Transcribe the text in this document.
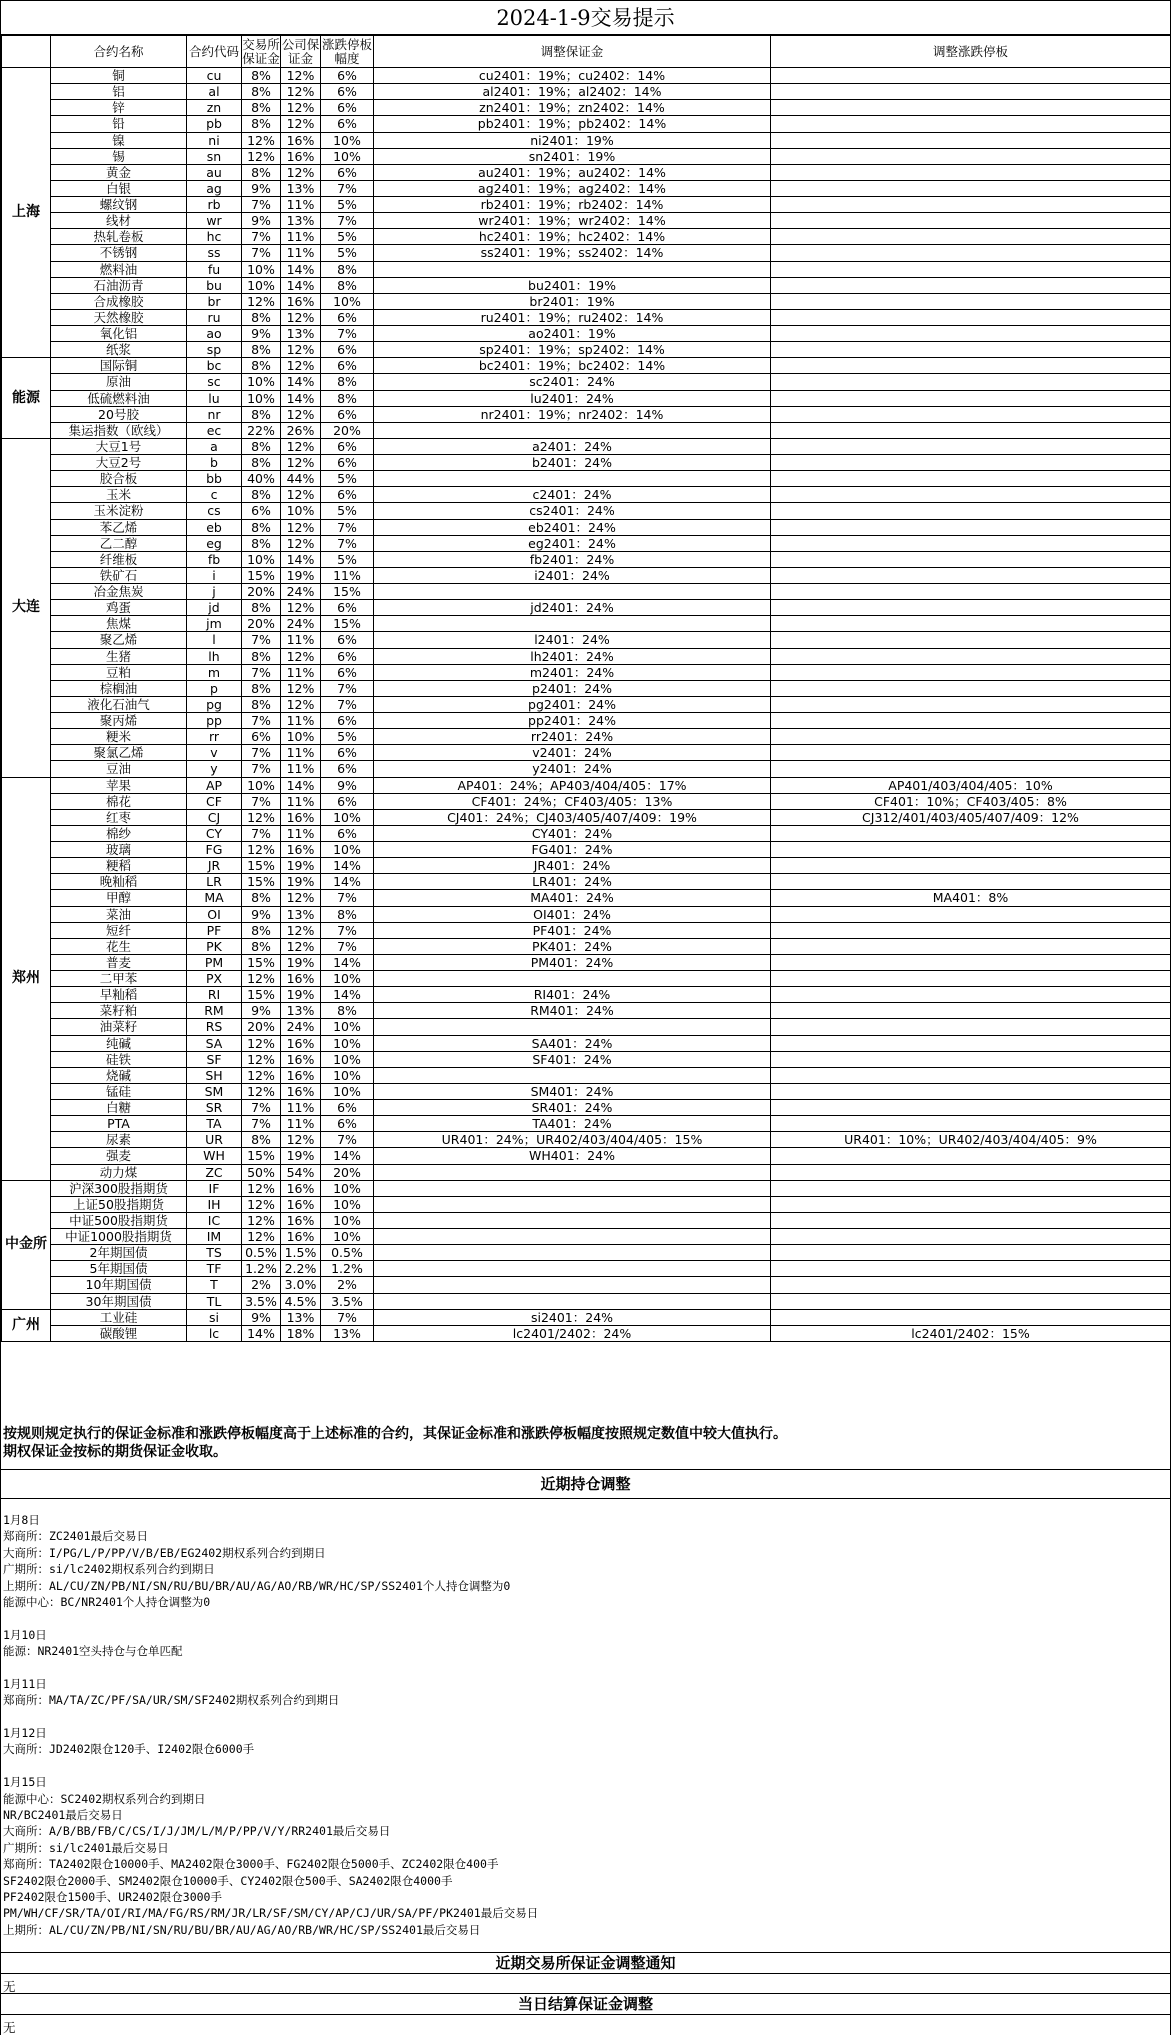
2024-1-9交易提示
	合约名称	合约代码	交易所保证金	公司保证金	涨跌停板幅度	调整保证金	调整涨跌停板
上海	铜	cu	8%	12%	6%	cu2401：19%；cu2402：14%	
	铝	al	8%	12%	6%	al2401：19%；al2402：14%	
	锌	zn	8%	12%	6%	zn2401：19%；zn2402：14%	
	铅	pb	8%	12%	6%	pb2401：19%；pb2402：14%	
	镍	ni	12%	16%	10%	ni2401：19%	
	锡	sn	12%	16%	10%	sn2401：19%	
	黄金	au	8%	12%	6%	au2401：19%；au2402：14%	
	白银	ag	9%	13%	7%	ag2401：19%；ag2402：14%	
	螺纹钢	rb	7%	11%	5%	rb2401：19%；rb2402：14%	
	线材	wr	9%	13%	7%	wr2401：19%；wr2402：14%	
	热轧卷板	hc	7%	11%	5%	hc2401：19%；hc2402：14%	
	不锈钢	ss	7%	11%	5%	ss2401：19%；ss2402：14%	
	燃料油	fu	10%	14%	8%		
	石油沥青	bu	10%	14%	8%	bu2401：19%	
	合成橡胶	br	12%	16%	10%	br2401：19%	
	天然橡胶	ru	8%	12%	6%	ru2401：19%；ru2402：14%	
	氧化铝	ao	9%	13%	7%	ao2401：19%	
	纸浆	sp	8%	12%	6%	sp2401：19%；sp2402：14%	
能源	国际铜	bc	8%	12%	6%	bc2401：19%；bc2402：14%	
	原油	sc	10%	14%	8%	sc2401：24%	
	低硫燃料油	lu	10%	14%	8%	lu2401：24%	
	20号胶	nr	8%	12%	6%	nr2401：19%；nr2402：14%	
	集运指数（欧线）	ec	22%	26%	20%		
大连	大豆1号	a	8%	12%	6%	a2401：24%	
	大豆2号	b	8%	12%	6%	b2401：24%	
	胶合板	bb	40%	44%	5%		
	玉米	c	8%	12%	6%	c2401：24%	
	玉米淀粉	cs	6%	10%	5%	cs2401：24%	
	苯乙烯	eb	8%	12%	7%	eb2401：24%	
	乙二醇	eg	8%	12%	7%	eg2401：24%	
	纤维板	fb	10%	14%	5%	fb2401：24%	
	铁矿石	i	15%	19%	11%	i2401：24%	
	冶金焦炭	j	20%	24%	15%		
	鸡蛋	jd	8%	12%	6%	jd2401：24%	
	焦煤	jm	20%	24%	15%		
	聚乙烯	l	7%	11%	6%	l2401：24%	
	生猪	lh	8%	12%	6%	lh2401：24%	
	豆粕	m	7%	11%	6%	m2401：24%	
	棕榈油	p	8%	12%	7%	p2401：24%	
	液化石油气	pg	8%	12%	7%	pg2401：24%	
	聚丙烯	pp	7%	11%	6%	pp2401：24%	
	粳米	rr	6%	10%	5%	rr2401：24%	
	聚氯乙烯	v	7%	11%	6%	v2401：24%	
	豆油	y	7%	11%	6%	y2401：24%	
郑州	苹果	AP	10%	14%	9%	AP401：24%；AP403/404/405：17%	AP401/403/404/405：10%
	棉花	CF	7%	11%	6%	CF401：24%；CF403/405：13%	CF401：10%；CF403/405：8%
	红枣	CJ	12%	16%	10%	CJ401：24%；CJ403/405/407/409：19%	CJ312/401/403/405/407/409：12%
	棉纱	CY	7%	11%	6%	CY401：24%	
	玻璃	FG	12%	16%	10%	FG401：24%	
	粳稻	JR	15%	19%	14%	JR401：24%	
	晚籼稻	LR	15%	19%	14%	LR401：24%	
	甲醇	MA	8%	12%	7%	MA401：24%	MA401：8%
	菜油	OI	9%	13%	8%	OI401：24%	
	短纤	PF	8%	12%	7%	PF401：24%	
	花生	PK	8%	12%	7%	PK401：24%	
	普麦	PM	15%	19%	14%	PM401：24%	
	二甲苯	PX	12%	16%	10%		
	早籼稻	RI	15%	19%	14%	RI401：24%	
	菜籽粕	RM	9%	13%	8%	RM401：24%	
	油菜籽	RS	20%	24%	10%		
	纯碱	SA	12%	16%	10%	SA401：24%	
	硅铁	SF	12%	16%	10%	SF401：24%	
	烧碱	SH	12%	16%	10%		
	锰硅	SM	12%	16%	10%	SM401：24%	
	白糖	SR	7%	11%	6%	SR401：24%	
	PTA	TA	7%	11%	6%	TA401：24%	
	尿素	UR	8%	12%	7%	UR401：24%；UR402/403/404/405：15%	UR401：10%；UR402/403/404/405：9%
	强麦	WH	15%	19%	14%	WH401：24%	
	动力煤	ZC	50%	54%	20%		
中金所	沪深300股指期货	IF	12%	16%	10%		
	上证50股指期货	IH	12%	16%	10%		
	中证500股指期货	IC	12%	16%	10%		
	中证1000股指期货	IM	12%	16%	10%		
	2年期国债	TS	0.5%	1.5%	0.5%		
	5年期国债	TF	1.2%	2.2%	1.2%		
	10年期国债	T	2%	3.0%	2%		
	30年期国债	TL	3.5%	4.5%	3.5%		
广州	工业硅	si	9%	13%	7%	si2401：24%	
	碳酸锂	lc	14%	18%	13%	lc2401/2402：24%	lc2401/2402：15%
按规则规定执行的保证金标准和涨跌停板幅度高于上述标准的合约，其保证金标准和涨跌停板幅度按照规定数值中较大值执行。
期权保证金按标的期货保证金收取。
近期持仓调整
1月8日
郑商所：ZC2401最后交易日
大商所：I/PG/L/P/PP/V/B/EB/EG2402期权系列合约到期日
广期所：si/lc2402期权系列合约到期日
上期所：AL/CU/ZN/PB/NI/SN/RU/BU/BR/AU/AG/AO/RB/WR/HC/SP/SS2401个人持仓调整为0
能源中心：BC/NR2401个人持仓调整为0
1月10日
能源：NR2401空头持仓与仓单匹配
1月11日
郑商所：MA/TA/ZC/PF/SA/UR/SM/SF2402期权系列合约到期日
1月12日
大商所：JD2402限仓120手、I2402限仓6000手
1月15日
能源中心：SC2402期权系列合约到期日
NR/BC2401最后交易日
大商所：A/B/BB/FB/C/CS/I/J/JM/L/M/P/PP/V/Y/RR2401最后交易日
广期所：si/lc2401最后交易日
郑商所：TA2402限仓10000手、MA2402限仓3000手、FG2402限仓5000手、ZC2402限仓400手
SF2402限仓2000手、SM2402限仓10000手、CY2402限仓500手、SA2402限仓4000手
PF2402限仓1500手、UR2402限仓3000手
PM/WH/CF/SR/TA/OI/RI/MA/FG/RS/RM/JR/LR/SF/SM/CY/AP/CJ/UR/SA/PF/PK2401最后交易日
上期所：AL/CU/ZN/PB/NI/SN/RU/BU/BR/AU/AG/AO/RB/WR/HC/SP/SS2401最后交易日
近期交易所保证金调整通知
无
当日结算保证金调整
无
